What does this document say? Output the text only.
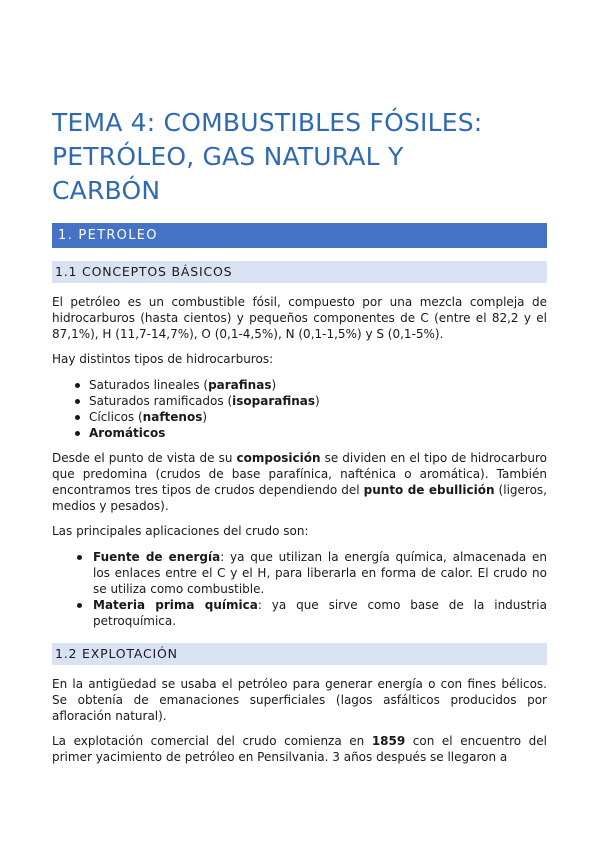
TEMA 4: COMBUSTIBLES FÓSILES:
PETRÓLEO, GAS NATURAL Y
CARBÓN
1. PETROLEO
1.1 CONCEPTOS BÁSICOS

El petróleo es un combustible fósil, compuesto por una mezcla compleja de hidrocarburos (hasta cientos) y pequeños componentes de C (entre el 82,2 y el 87,1%), H (11,7-14,7%), O (0,1-4,5%), N (0,1-1,5%) y S (0,1-5%).

Hay distintos tipos de hidrocarburos:

Saturados lineales (parafinas)
Saturados ramificados (isoparafinas)
Cíclicos (naftenos)
Aromáticos

Desde el punto de vista de su composición se dividen en el tipo de hidrocarburo que predomina (crudos de base parafínica, nafténica o aromática). También encontramos tres tipos de crudos dependiendo del punto de ebullición (ligeros, medios y pesados).

Las principales aplicaciones del crudo son:

Fuente de energía: ya que utilizan la energía química, almacenada en los enlaces entre el C y el H, para liberarla en forma de calor. El crudo no se utiliza como combustible.
Materia prima química: ya que sirve como base de la industria petroquímica.
1.2 EXPLOTACIÓN

En la antigüedad se usaba el petróleo para generar energía o con fines bélicos. Se obtenía de emanaciones superficiales (lagos asfálticos producidos por afloración natural).

La explotación comercial del crudo comienza en 1859 con el encuentro del primer yacimiento de petróleo en Pensilvania. 3 años después se llegaron a
